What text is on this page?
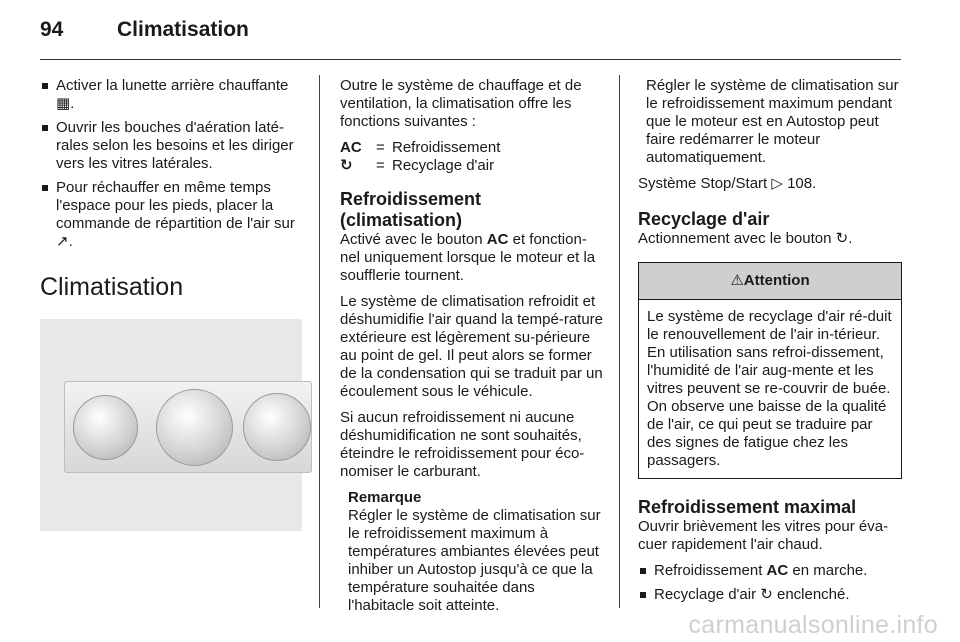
94	Climatisation
Activer la lunette arrière chauffante ▦.
Ouvrir les bouches d'aération laté-rales selon les besoins et les diriger vers les vitres latérales.
Pour réchauffer en même temps l'espace pour les pieds, placer la commande de répartition de l'air sur ↗.
Climatisation

Outre le système de chauffage et de ventilation, la climatisation offre les fonctions suivantes :

AC = Refroidissement
↻	= Recyclage d'air
Refroidissement (climatisation)

Activé avec le bouton AC et fonction-nel uniquement lorsque le moteur et la soufflerie tournent.

Le système de climatisation refroidit et déshumidifie l'air quand la tempé-rature extérieure est légèrement su-périeure au point de gel. Il peut alors se former de la condensation qui se traduit par un écoulement sous le véhicule.

Si aucun refroidissement ni aucune déshumidification ne sont souhaités, éteindre le refroidissement pour éco-nomiser le carburant.

Remarque
Régler le système de climatisation sur le refroidissement maximum à températures ambiantes élevées peut inhiber un Autostop jusqu'à ce que la température souhaitée dans l'habitacle soit atteinte.

Régler le système de climatisation sur le refroidissement maximum pendant que le moteur est en Autostop peut faire redémarrer le moteur automatiquement.

Système Stop/Start ▷ 108.

Recyclage d'air

Actionnement avec le bouton ↻.

⚠Attention
Le système de recyclage d'air ré-duit le renouvellement de l'air in-térieur. En utilisation sans refroi-dissement, l'humidité de l'air aug-mente et les vitres peuvent se re-couvrir de buée. On observe une baisse de la qualité de l'air, ce qui peut se traduire par des signes de fatigue chez les passagers.
Refroidissement maximal

Ouvrir brièvement les vitres pour éva-cuer rapidement l'air chaud.

Refroidissement AC en marche.
Recyclage d'air ↻ enclenché.
carmanualsonline.info
